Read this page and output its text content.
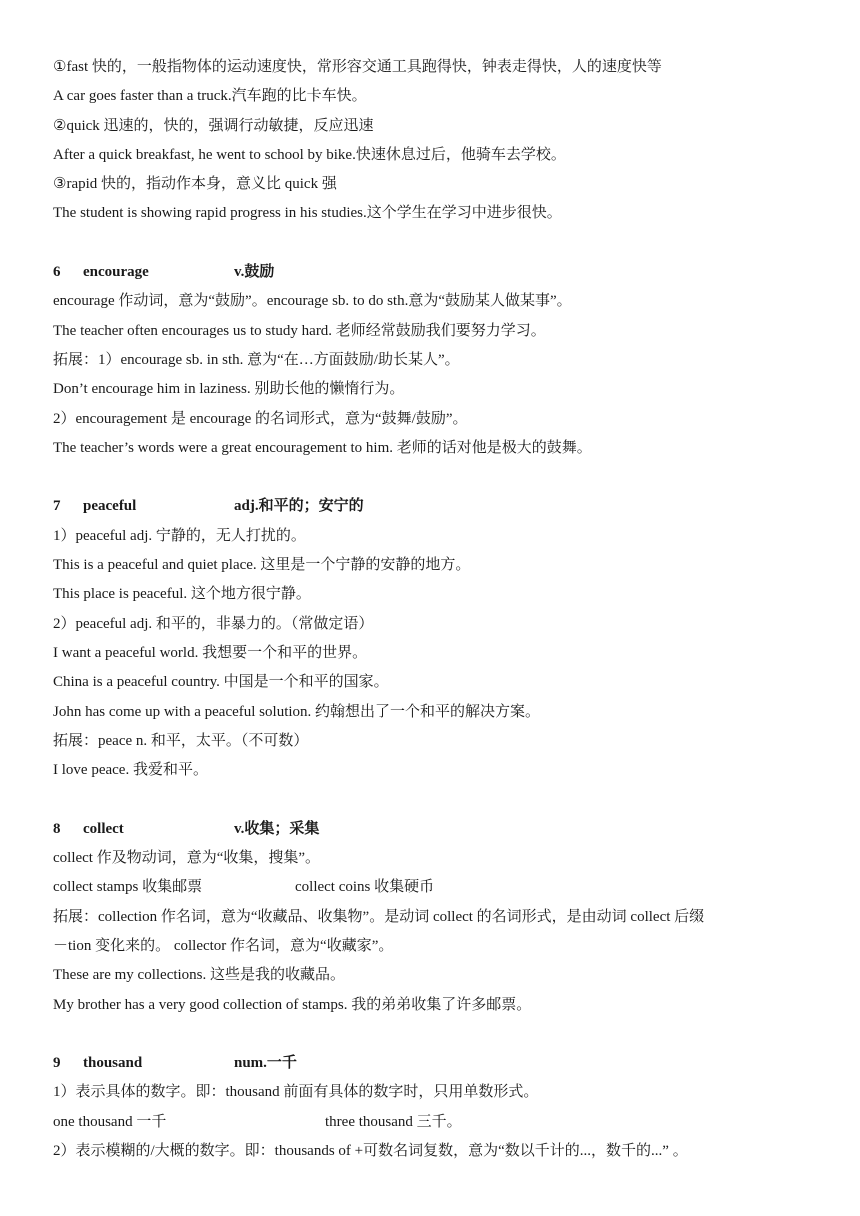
①fast 快的，一般指物体的运动速度快，常形容交通工具跑得快，钟表走得快，人的速度快等
A car goes faster than a truck.汽车跑的比卡车快。
②quick 迅速的，快的，强调行动敏捷，反应迅速
After a quick breakfast, he went to school by bike.快速休息过后，他骑车去学校。
③rapid 快的，指动作本身，意义比 quick 强
The student is showing rapid progress in his studies.这个学生在学习中进步很快。
6 encourage	v.鼓励
encourage 作动词，意为“鼓励”。encourage sb. to do sth.意为“鼓励某人做某事”。
The teacher often encourages us to study hard. 老师经常鼓励我们要努力学习。
拓展：1）encourage sb. in sth. 意为“在…方面鼓励/助长某人”。
Don’t encourage him in laziness. 别助长他的懒惰行为。
2）encouragement 是 encourage 的名词形式，意为“鼓舞/鼓励”。
The teacher’s words were a great encouragement to him. 老师的话对他是极大的鼓舞。
7 peaceful	adj.和平的；安宁的
1）peaceful adj. 宁静的，无人打扰的。
This is a peaceful and quiet place. 这里是一个宁静的安静的地方。
This place is peaceful. 这个地方很宁静。
2）peaceful adj. 和平的，非暴力的。（常做定语）
I want a peaceful world. 我想要一个和平的世界。
China is a peaceful country. 中国是一个和平的国家。
John has come up with a peaceful solution. 约翰想出了一个和平的解决方案。
拓展：peace n. 和平，太平。（不可数）
I love peace. 我爱和平。
8 collect	v.收集；采集
collect 作及物动词，意为“收集，搜集”。
collect stamps 收集邮票	collect coins 收集硬币
拓展：collection 作名词，意为“收藏品、收集物”。是动词 collect 的名词形式，是由动词 collect 后缀
－tion 变化来的。 collector 作名词，意为“收藏家”。
These are my collections. 这些是我的收藏品。
My brother has a very good collection of stamps. 我的弟弟收集了许多邮票。
9 thousand	num.一千
1）表示具体的数字。即：thousand 前面有具体的数字时，只用单数形式。
one thousand 一千	three thousand 三千。
2）表示模糊的/大概的数字。即：thousands of +可数名词复数，意为“数以千计的...，数千的...” 。
